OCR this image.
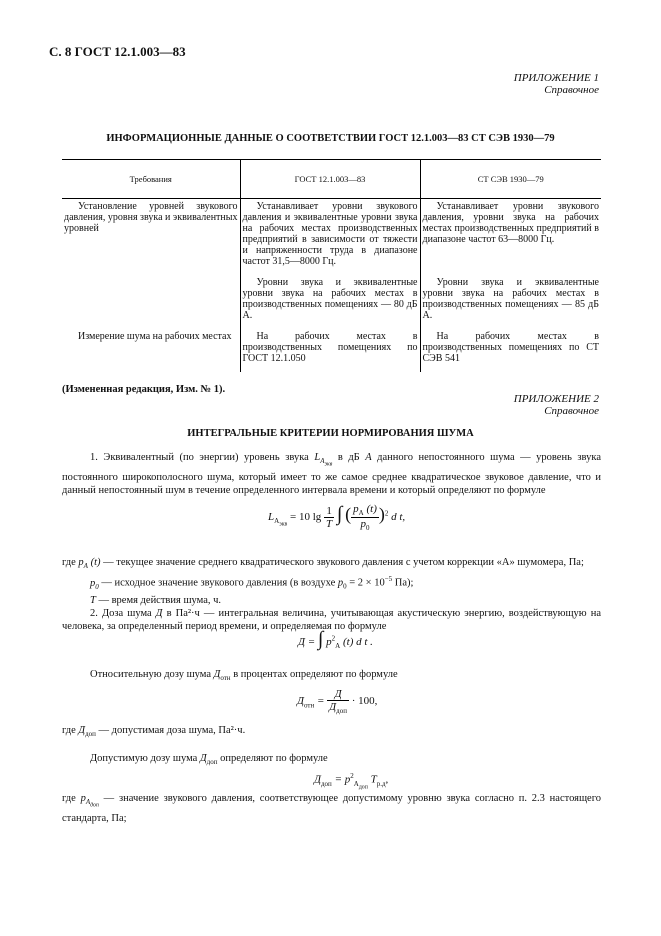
С. 8 ГОСТ 12.1.003—83
ПРИЛОЖЕНИЕ 1
Справочное
ИНФОРМАЦИОННЫЕ ДАННЫЕ О СООТВЕТСТВИИ ГОСТ 12.1.003—83 СТ СЭВ 1930—79
Требования	ГОСТ 12.1.003—83	СТ СЭВ 1930—79

Установление уровней звукового давления, уровня звука и эквивалентных уровней	Устанавливает уровни звукового давления и эквивалентные уровни звука на рабочих местах производственных предприятий в зависимости от тяжести и напряженности труда в диапазоне частот 31,5—8000 Гц.	Устанавливает уровни звукового давления, уровни звука на рабочих местах производственных предприятий в диапазоне частот 63—8000 Гц.

	Уровни звука и эквивалентные уровни звука на рабочих местах в производственных помещениях — 80 дБ А.	Уровни звука и эквивалентные уровни звука на рабочих местах в производственных помещениях — 85 дБ А.

Измерение шума на рабочих местах	На рабочих местах в производственных помещениях по ГОСТ 12.1.050	На рабочих местах в производственных помещениях по СТ СЭВ 541
(Измененная редакция, Изм. № 1).
ПРИЛОЖЕНИЕ 2
Справочное
ИНТЕГРАЛЬНЫЕ КРИТЕРИИ НОРМИРОВАНИЯ ШУМА
1. Эквивалентный (по энергии) уровень звука $L_{A_{экв}}$ в дБ A данного непостоянного шума — уровень звука постоянного широкополосного шума, который имеет то же самое среднее квадратическое звуковое давление, что и данный непостоянный шум в течение определенного интервала времени и который определяют по формуле
$L_{A_{экв}} = 10$ $\lg \frac{1}{T}$ ∫ ( $\frac{p_A (t)}{p_0} )^2$ d t,
где $p_A$ (t) — текущее значение среднего квадратического звукового давления с учетом коррекции «А» шумомера, Па;
$p_0$ — исходное значение звукового давления (в воздухе $p_0 = 2 \times 10^{-5}$ Па);
T — время действия шума, ч.
2. Доза шума Д в Па²·ч — интегральная величина, учитывающая акустическую энергию, воздействующую на человека, за определенный период времени, и определяемая по формуле
Д = ∫ $p^2_A$ (t) d t .
Относительную дозу шума $Д_{отн}$ в процентах определяют по формуле
$Д_{отн} = \frac{Д}{Д_{доп}} \cdot 100$,
где $Д_{доп}$ — допустимая доза шума, Па²·ч.
Допустимую дозу шума $Д_{доп}$ определяют по формуле
$Д_{доп} = p^2_{A_{доп}}$ $T_{р.д}$,
где $p_{A_{доп}}$ — значение звукового давления, соответствующее допустимому уровню звука согласно п. 2.3 настоящего стандарта, Па;
